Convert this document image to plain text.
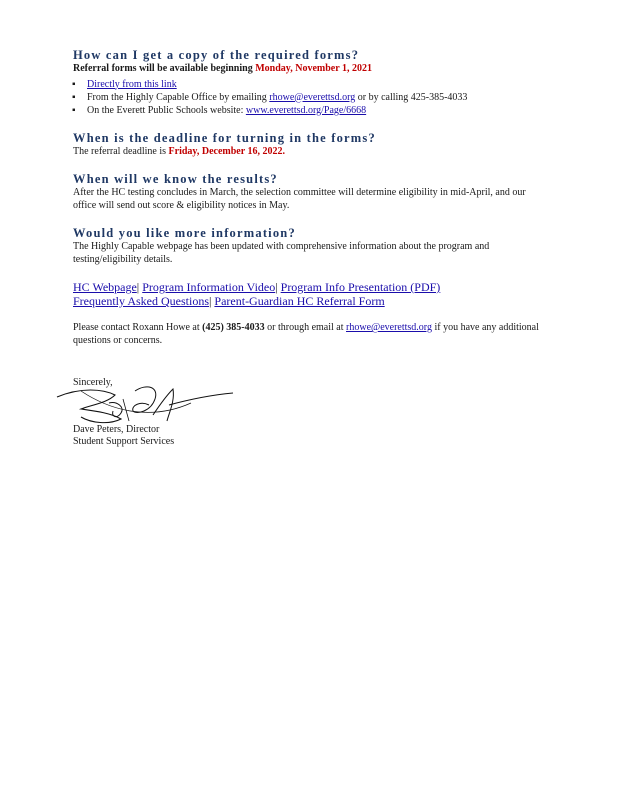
How can I get a copy of the required forms?

Referral forms will be available beginning Monday, November 1, 2021

▪ Directly from this link
▪ From the Highly Capable Office by emailing rhowe@everettsd.org or by calling 425-385-4033
▪ On the Everett Public Schools website: www.everettsd.org/Page/6668
When is the deadline for turning in the forms?

The referral deadline is Friday, December 16, 2022.

When will we know the results?

After the HC testing concludes in March, the selection committee will determine eligibility in mid-April, and our office will send out score & eligibility notices in May.

Would you like more information?

The Highly Capable webpage has been updated with comprehensive information about the program and testing/eligibility details.

HC Webpage| Program Information Video| Program Info Presentation (PDF)
Frequently Asked Questions| Parent-Guardian HC Referral Form

Please contact Roxann Howe at (425) 385-4033 or through email at rhowe@everettsd.org if you have any additional questions or concerns.

Sincerely,

Dave Peters, Director

Student Support Services
